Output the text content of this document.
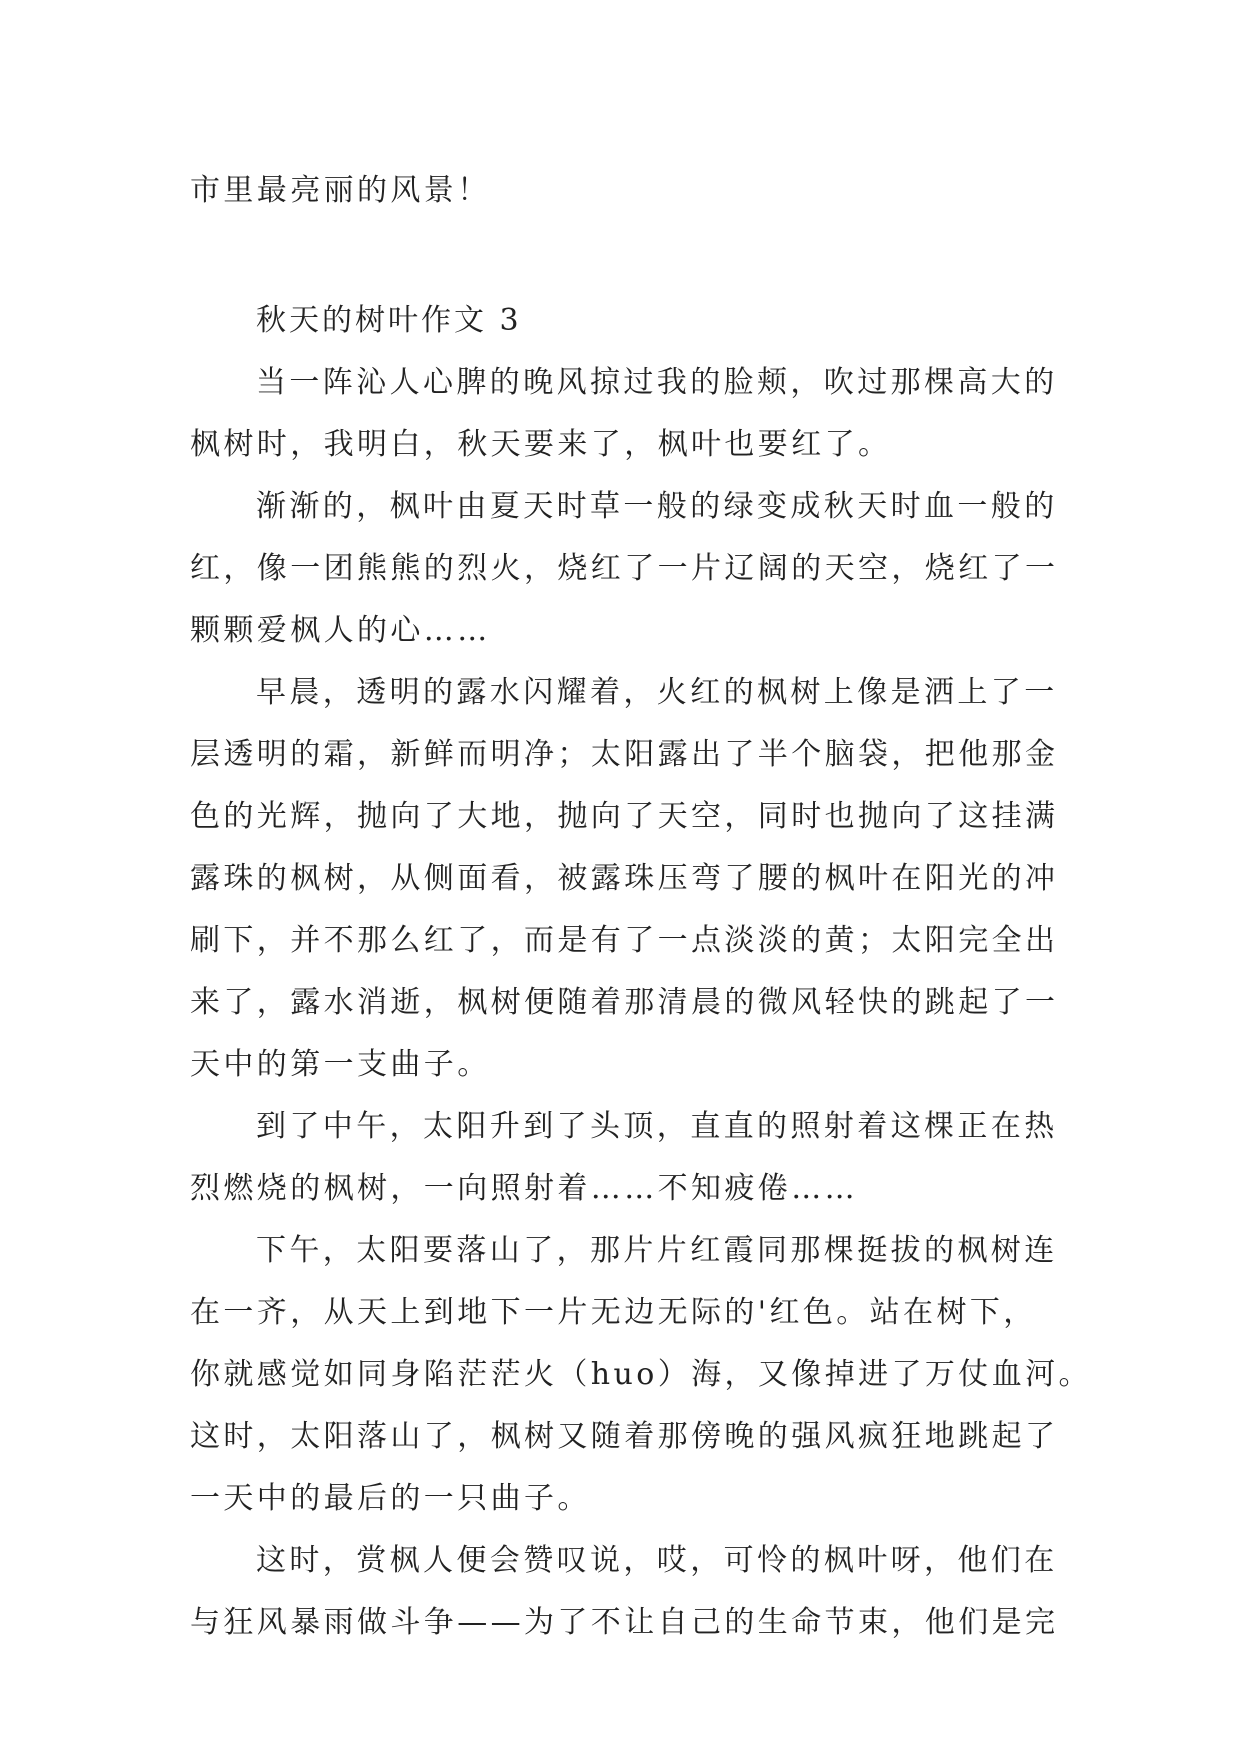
市里最亮丽的风景！
秋天的树叶作文 3
当一阵沁人心脾的晚风掠过我的脸颊，吹过那棵高大的
枫树时，我明白，秋天要来了，枫叶也要红了。
渐渐的，枫叶由夏天时草一般的绿变成秋天时血一般的
红，像一团熊熊的烈火，烧红了一片辽阔的天空，烧红了一
颗颗爱枫人的心……
早晨，透明的露水闪耀着，火红的枫树上像是洒上了一
层透明的霜，新鲜而明净；太阳露出了半个脑袋，把他那金
色的光辉，抛向了大地，抛向了天空，同时也抛向了这挂满
露珠的枫树，从侧面看，被露珠压弯了腰的枫叶在阳光的冲
刷下，并不那么红了，而是有了一点淡淡的黄；太阳完全出
来了，露水消逝，枫树便随着那清晨的微风轻快的跳起了一
天中的第一支曲子。
到了中午，太阳升到了头顶，直直的照射着这棵正在热
烈燃烧的枫树，一向照射着……不知疲倦……
下午，太阳要落山了，那片片红霞同那棵挺拔的枫树连
在一齐，从天上到地下一片无边无际的'红色。站在树下，
你就感觉如同身陷茫茫火（huo）海，又像掉进了万仗血河。
这时，太阳落山了，枫树又随着那傍晚的强风疯狂地跳起了
一天中的最后的一只曲子。
这时，赏枫人便会赞叹说，哎，可怜的枫叶呀，他们在
与狂风暴雨做斗争——为了不让自己的生命节束，他们是完
